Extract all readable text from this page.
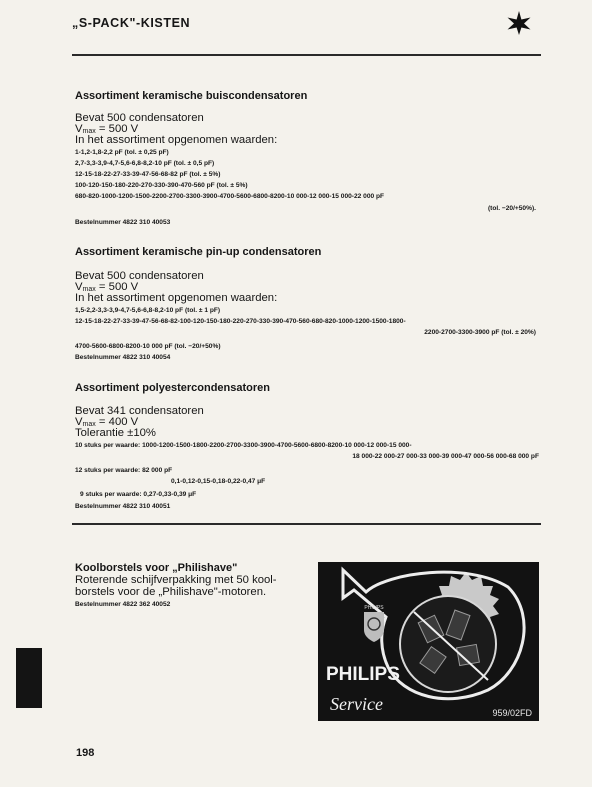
„S-PACK"-KISTEN
Assortiment keramische buiscondensatoren
Bevat 500 condensatoren
$V_{max} = 500$ V
In het assortiment opgenomen waarden:
1-1,2-1,8-2,2 pF (tol. ± 0,25 pF)
2,7-3,3-3,9-4,7-5,6-6,8-8,2-10 pF (tol. ± 0,5 pF)
12-15-18-22-27-33-39-47-56-68-82 pF (tol. ± 5%)
100-120-150-180-220-270-330-390-470-560 pF (tol. ± 5%)
680-820-1000-1200-1500-2200-2700-3300-3900-4700-5600-6800-8200-10 000-12 000-15 000-22 000 pF
(tol. −20/+50%).
Bestelnummer 4822 310 40053
Assortiment keramische pin-up condensatoren
Bevat 500 condensatoren
$V_{max} = 500$ V
In het assortiment opgenomen waarden:
1,5-2,2-3,3-3,9-4,7-5,6-6,8-8,2-10 pF (tol. ± 1 pF)
12-15-18-22-27-33-39-47-56-68-82-100-120-150-180-220-270-330-390-470-560-680-820-1000-1200-1500-1800-
2200-2700-3300-3900 pF (tol. ± 20%)
4700-5600-6800-8200-10 000 pF (tol. −20/+50%)
Bestelnummer 4822 310 40054
Assortiment polyestercondensatoren
Bevat 341 condensatoren
$V_{max} = 400$ V
Tolerantie ±10%
10 stuks per waarde: 1000-1200-1500-1800-2200-2700-3300-3900-4700-5600-6800-8200-10 000-12 000-15 000-
18 000-22 000-27 000-33 000-39 000-47 000-56 000-68 000 pF
12 stuks per waarde: 82 000 pF
0,1-0,12-0,15-0,18-0,22-0,47 μF
9 stuks per waarde: 0,27-0,33-0,39 μF
Bestelnummer 4822 310 40051
Koolborstels voor „Philishave"
Roterende schijfverpakking met 50 kool-
borstels voor de „Philishave"-motoren.
Bestelnummer 4822 362 40052	PHILIPS
PHILIPS
Service	959/02FD
198
